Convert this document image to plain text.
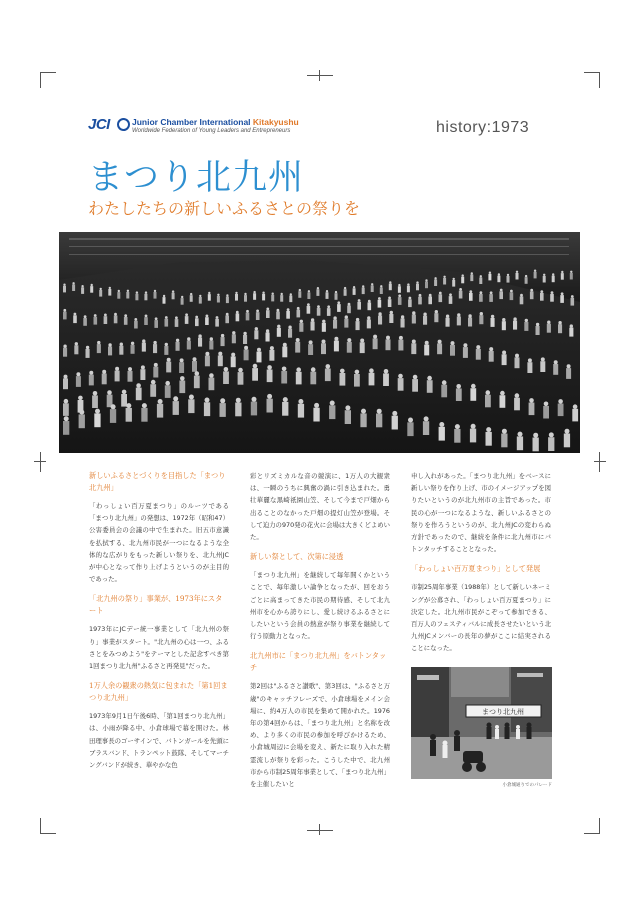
JCI	Junior Chamber International Kitakyushu
Worldwide Federation of Young Leaders and Entrepreneurs	history:1973
まつり北九州
わたしたちの新しいふるさとの祭りを
新しいふるさとづくりを目指した「まつり北九州」
「わっしょい百万夏まつり」のルーツである「まつり北九州」の発想は、1972年（昭和47）公害委員会の会議の中で生まれた。旧五市意識を払拭する、北九州市民が一つになるような全体的な広がりをもった新しい祭りを、北九州JCが中心となって作り上げようというのが主目的であった。
「北九州の祭り」事業が、1973年にスタート
1973年にJCデー統一事業として「北九州の祭り」事業がスタート。"北九州の心は一つ、ふるさとをみつめよう"をテーマとした記念すべき第1回まつり北九州"ふるさと再発見"だった。
1万人余の観衆の熱気に包まれた「第1回まつり北九州」
1973年9月1日午後6時、「第1回まつり北九州」は、小雨が降る中、小倉球場で幕を開けた。林田理事長のゴーサインで、バトンガールを先頭にブラスバンド、トランペット鼓隊、そしてマーチングバンドが続き、華やかな色
彩とリズミカルな音の競演に、1万人の大観衆は、一瞬のうちに興奮の渦に引き込まれた。勇壮華麗な黒崎祇園山笠、そして今まで戸畑から出ることのなかった戸畑の提灯山笠が登場。そして迫力の970発の花火に会場は大きくどよめいた。
新しい祭として、次第に浸透
「まつり北九州」を継続して毎年開くかということで、毎年激しい論争となったが、回をおうごとに高まってきた市民の期待感、そして北九州市を心から誇りにし、愛し続けるふるさとにしたいという会員の熱意が祭り事業を継続して行う原動力となった。
北九州市に「まつり北九州」をバトンタッチ
第2回は"ふるさと讃歌"、第3回は、"ふるさと万歳"のキャッチフレーズで、小倉球場をメイン会場に、約4万人の市民を集めて開かれた。1976年の第4回からは、「まつり北九州」と名称を改め、より多くの市民の参加を呼びかけるため、小倉城周辺に会場を変え、新たに取り入れた精霊流しが祭りを彩った。こうした中で、北九州市から市制25周年事業として、「まつり北九州」を主催したいと
申し入れがあった。「まつり北九州」をベースに新しい祭りを作り上げ、市のイメージアップを図りたいというのが北九州市の主旨であった。市民の心が一つになるような、新しいふるさとの祭りを作ろうというのが、北九州JCの変わらぬ方針であったので、継続を条件に北九州市にバトンタッチすることとなった。
「わっしょい百万夏まつり」として発展
市制25周年事業（1988年）として新しいネーミングが公募され、「わっしょい百万夏まつり」に決定した。北九州市民がこぞって参加できる、百万人のフェスティバルに成長させたいという北九州JCメンバーの長年の夢がここに結実されることになった。
まつり北九州
小倉城通りでのパレード
